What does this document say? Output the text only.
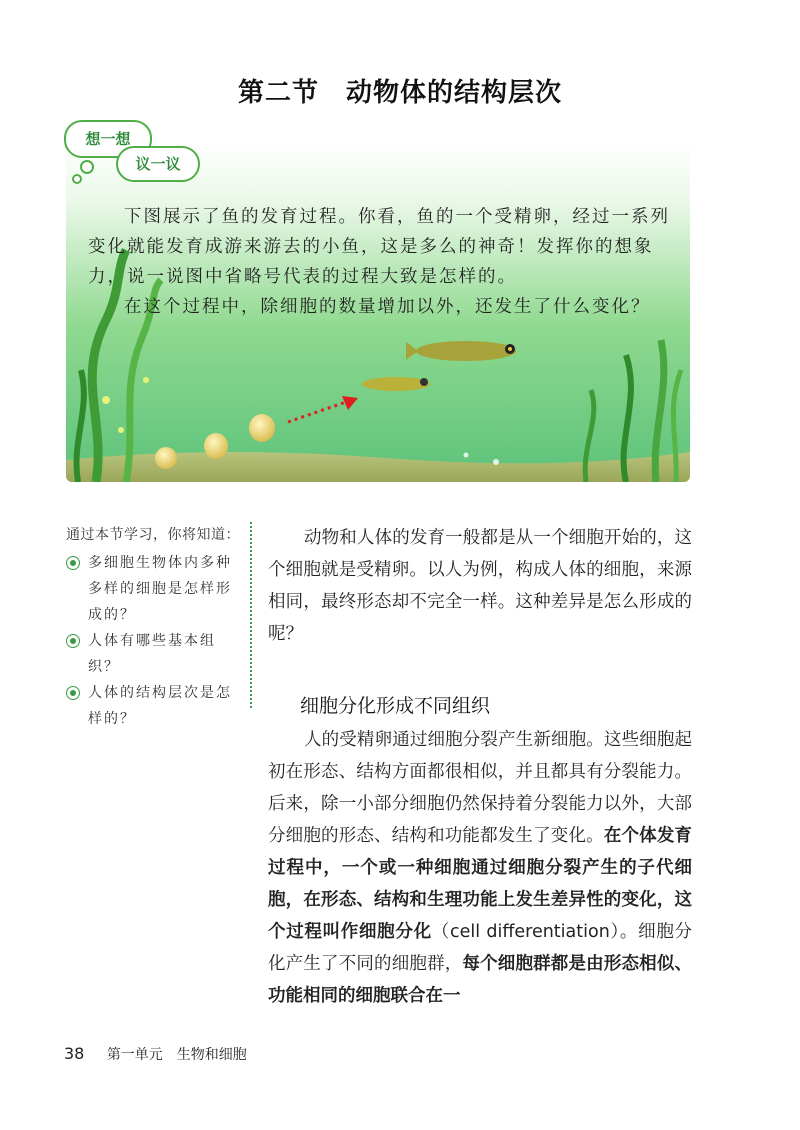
第二节　动物体的结构层次

下图展示了鱼的发育过程。你看，鱼的一个受精卵，经过一系列变化就能发育成游来游去的小鱼，这是多么的神奇！发挥你的想象力，说一说图中省略号代表的过程大致是怎样的。

在这个过程中，除细胞的数量增加以外，还发生了什么变化？

想一想
议一议

通过本节学习，你将知道：

多细胞生物体内多种多样的细胞是怎样形成的？

人体有哪些基本组织？

人体的结构层次是怎样的？

动物和人体的发育一般都是从一个细胞开始的，这个细胞就是受精卵。以人为例，构成人体的细胞，来源相同，最终形态却不完全一样。这种差异是怎么形成的呢？

细胞分化形成不同组织

人的受精卵通过细胞分裂产生新细胞。这些细胞起初在形态、结构方面都很相似，并且都具有分裂能力。后来，除一小部分细胞仍然保持着分裂能力以外，大部分细胞的形态、结构和功能都发生了变化。在个体发育过程中，一个或一种细胞通过细胞分裂产生的子代细胞，在形态、结构和生理功能上发生差异性的变化，这个过程叫作细胞分化（cell differentiation）。细胞分化产生了不同的细胞群，每个细胞群都是由形态相似、功能相同的细胞联合在一

38 第一单元　生物和细胞
